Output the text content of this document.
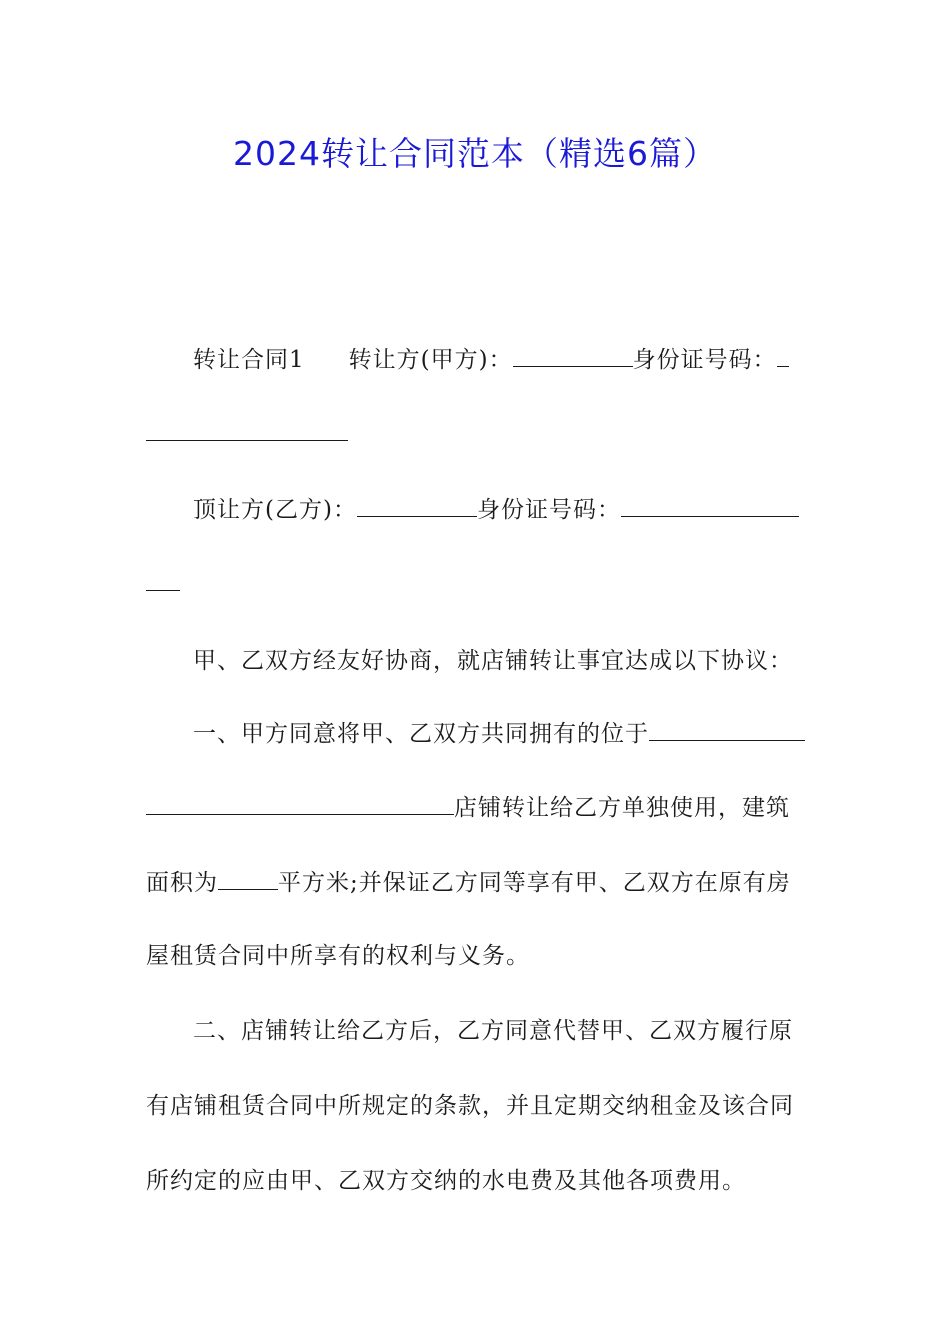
2024转让合同范本（精选6篇）
转让合同1 转让方(甲方)：	身份证号码：
顶让方(乙方)：	身份证号码：
甲、乙双方经友好协商，就店铺转让事宜达成以下协议：
一、甲方同意将甲、乙双方共同拥有的位于
店铺转让给乙方单独使用，建筑
面积为	平方米;并保证乙方同等享有甲、乙双方在原有房
屋租赁合同中所享有的权利与义务。
二、店铺转让给乙方后，乙方同意代替甲、乙双方履行原
有店铺租赁合同中所规定的条款，并且定期交纳租金及该合同
所约定的应由甲、乙双方交纳的水电费及其他各项费用。
